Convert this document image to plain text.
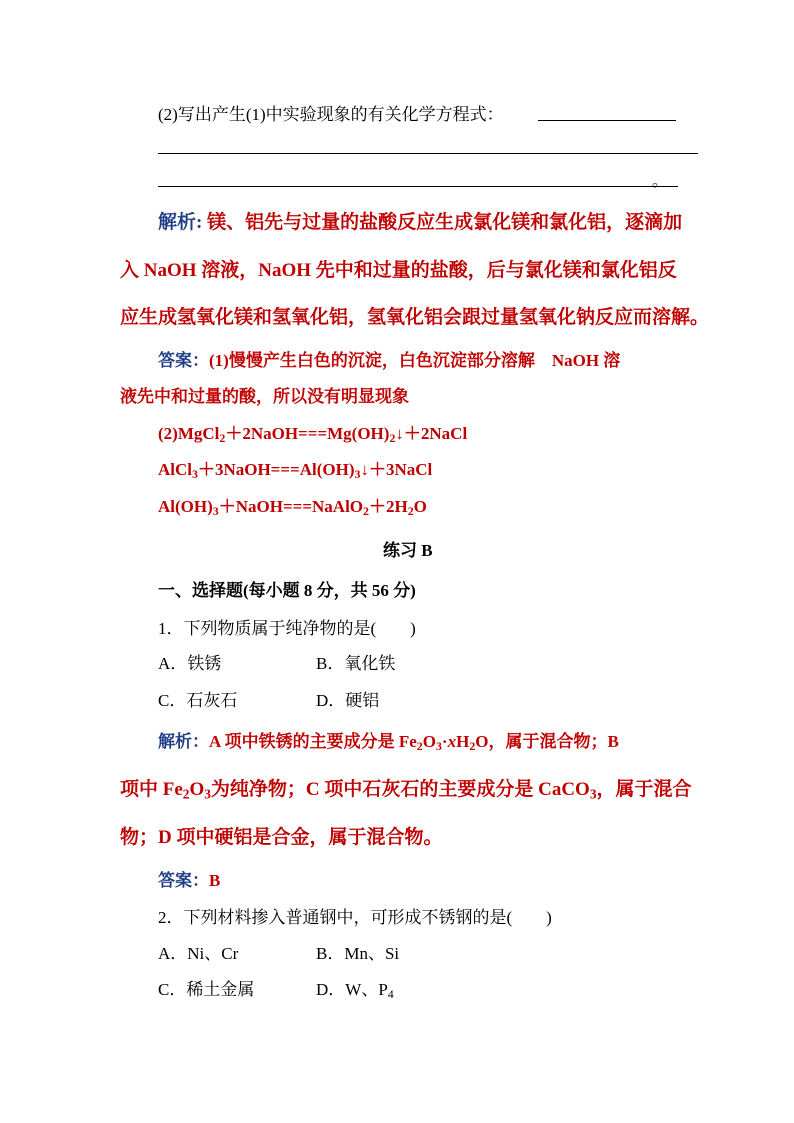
(2)写出产生(1)中实验现象的有关化学方程式：
。
解析: 镁、铝先与过量的盐酸反应生成氯化镁和氯化铝，逐滴加
入 NaOH 溶液，NaOH 先中和过量的盐酸，后与氯化镁和氯化铝反
应生成氢氧化镁和氢氧化铝，氢氧化铝会跟过量氢氧化钠反应而溶解。
答案：(1)慢慢产生白色的沉淀，白色沉淀部分溶解　NaOH 溶
液先中和过量的酸，所以没有明显现象
$(2)MgCl_2+2NaOH===Mg(OH)_2↓+2NaCl$
$AlCl_3+3NaOH===Al(OH)_3↓+3NaCl$
$Al(OH)_3+NaOH===NaAlO_2+2H_2O$
练习 B
一、选择题(每小题 8 分，共 56 分)
1．下列物质属于纯净物的是(　　)
A．铁锈	B．氧化铁
C．石灰石	D．硬铝
解析：A 项中铁锈的主要成分是 $Fe_2O_3\cdot xH_2O$，属于混合物；B
项中 $Fe_2O_3$为纯净物；C 项中石灰石的主要成分是 CaCO$_3$，属于混合
物；D 项中硬铝是合金，属于混合物。
答案：B
2．下列材料掺入普通钢中，可形成不锈钢的是(　　)
A．Ni、Cr	B．Mn、Si
C．稀土金属	D．W、$P_4$
